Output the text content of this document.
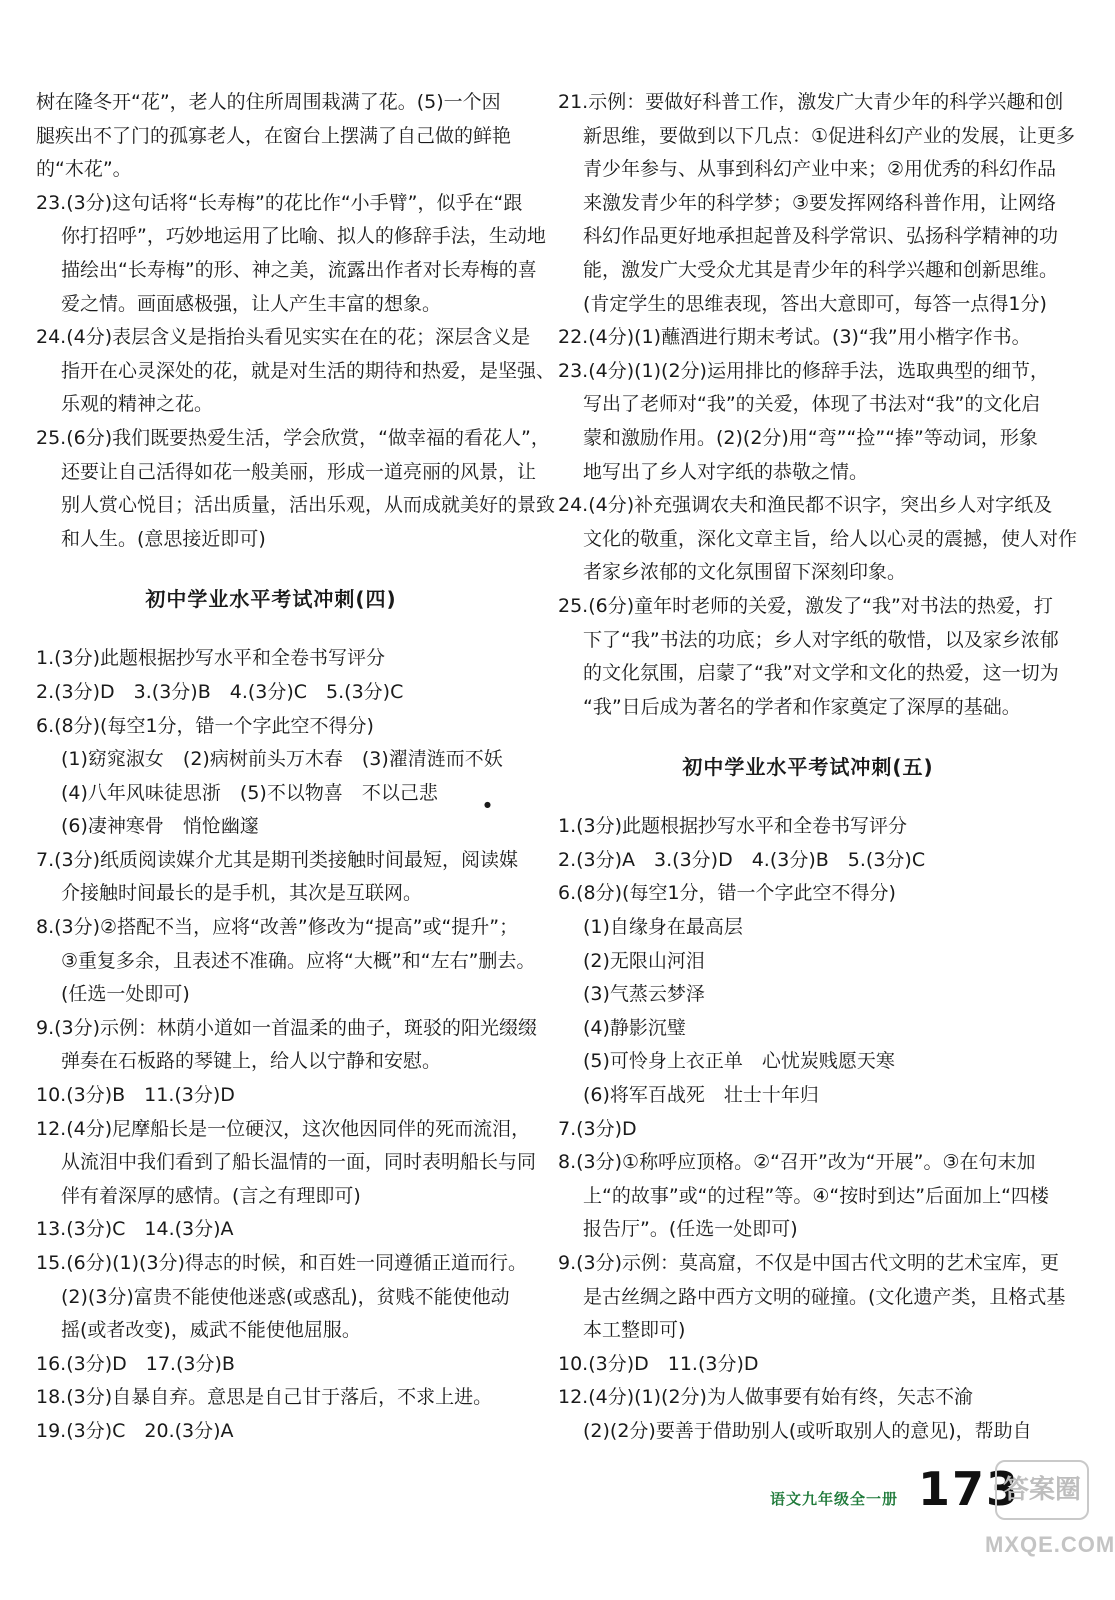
树在隆冬开“花”，老人的住所周围栽满了花。(5)一个因
腿疾出不了门的孤寡老人，在窗台上摆满了自己做的鲜艳
的“木花”。
23.(3分)这句话将“长寿梅”的花比作“小手臂”，似乎在“跟
你打招呼”，巧妙地运用了比喻、拟人的修辞手法，生动地
描绘出“长寿梅”的形、神之美，流露出作者对长寿梅的喜
爱之情。画面感极强，让人产生丰富的想象。
24.(4分)表层含义是指抬头看见实实在在的花；深层含义是
指开在心灵深处的花，就是对生活的期待和热爱，是坚强、
乐观的精神之花。
25.(6分)我们既要热爱生活，学会欣赏，“做幸福的看花人”，
还要让自己活得如花一般美丽，形成一道亮丽的风景，让
别人赏心悦目；活出质量，活出乐观，从而成就美好的景致
和人生。(意思接近即可)
初中学业水平考试冲刺(四)
1.(3分)此题根据抄写水平和全卷书写评分
2.(3分)D　3.(3分)B　4.(3分)C　5.(3分)C
6.(8分)(每空1分，错一个字此空不得分)
(1)窈窕淑女　(2)病树前头万木春　(3)濯清涟而不妖
(4)八年风味徒思浙　(5)不以物喜　不以己悲
(6)凄神寒骨　悄怆幽邃
7.(3分)纸质阅读媒介尤其是期刊类接触时间最短，阅读媒
介接触时间最长的是手机，其次是互联网。
8.(3分)②搭配不当，应将“改善”修改为“提高”或“提升”；
③重复多余，且表述不准确。应将“大概”和“左右”删去。
(任选一处即可)
9.(3分)示例：林荫小道如一首温柔的曲子，斑驳的阳光缀缀
弹奏在石板路的琴键上，给人以宁静和安慰。
10.(3分)B　11.(3分)D
12.(4分)尼摩船长是一位硬汉，这次他因同伴的死而流泪，
从流泪中我们看到了船长温情的一面，同时表明船长与同
伴有着深厚的感情。(言之有理即可)
13.(3分)C　14.(3分)A
15.(6分)(1)(3分)得志的时候，和百姓一同遵循正道而行。
(2)(3分)富贵不能使他迷惑(或惑乱)，贫贱不能使他动
摇(或者改变)，威武不能使他屈服。
16.(3分)D　17.(3分)B
18.(3分)自暴自弃。意思是自己甘于落后，不求上进。
19.(3分)C　20.(3分)A
21.示例：要做好科普工作，激发广大青少年的科学兴趣和创
新思维，要做到以下几点：①促进科幻产业的发展，让更多
青少年参与、从事到科幻产业中来；②用优秀的科幻作品
来激发青少年的科学梦；③要发挥网络科普作用，让网络
科幻作品更好地承担起普及科学常识、弘扬科学精神的功
能，激发广大受众尤其是青少年的科学兴趣和创新思维。
(肯定学生的思维表现，答出大意即可，每答一点得1分)
22.(4分)(1)蘸酒进行期末考试。(3)“我”用小楷字作书。
23.(4分)(1)(2分)运用排比的修辞手法，选取典型的细节，
写出了老师对“我”的关爱，体现了书法对“我”的文化启
蒙和激励作用。(2)(2分)用“弯”“捡”“捧”等动词，形象
地写出了乡人对字纸的恭敬之情。
24.(4分)补充强调农夫和渔民都不识字，突出乡人对字纸及
文化的敬重，深化文章主旨，给人以心灵的震撼，使人对作
者家乡浓郁的文化氛围留下深刻印象。
25.(6分)童年时老师的关爱，激发了“我”对书法的热爱，打
下了“我”书法的功底；乡人对字纸的敬惜，以及家乡浓郁
的文化氛围，启蒙了“我”对文学和文化的热爱，这一切为
“我”日后成为著名的学者和作家奠定了深厚的基础。
初中学业水平考试冲刺(五)
1.(3分)此题根据抄写水平和全卷书写评分
2.(3分)A　3.(3分)D　4.(3分)B　5.(3分)C
6.(8分)(每空1分，错一个字此空不得分)
(1)自缘身在最高层
(2)无限山河泪
(3)气蒸云梦泽
(4)静影沉璧
(5)可怜身上衣正单　心忧炭贱愿天寒
(6)将军百战死　壮士十年归
7.(3分)D
8.(3分)①称呼应顶格。②“召开”改为“开展”。③在句末加
上“的故事”或“的过程”等。④“按时到达”后面加上“四楼
报告厅”。(任选一处即可)
9.(3分)示例：莫高窟，不仅是中国古代文明的艺术宝库，更
是古丝绸之路中西方文明的碰撞。(文化遗产类，且格式基
本工整即可)
10.(3分)D　11.(3分)D
12.(4分)(1)(2分)为人做事要有始有终，矢志不渝
(2)(2分)要善于借助别人(或听取别人的意见)，帮助自
●
语文九年级全一册 173
答案圈
MXQE.COM
